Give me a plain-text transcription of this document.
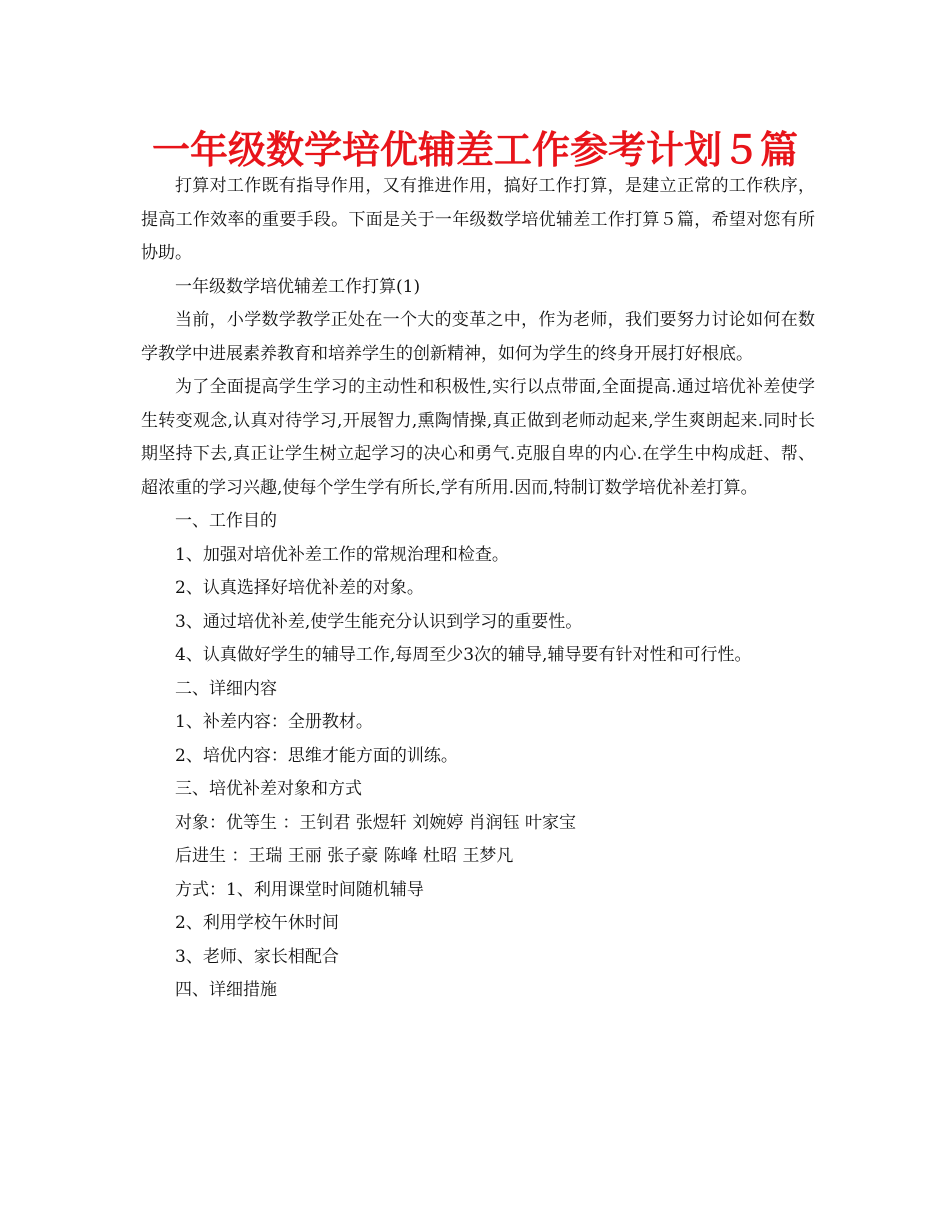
一年级数学培优辅差工作参考计划５篇

打算对工作既有指导作用，又有推进作用，搞好工作打算，是建立正常的工作秩序，提高工作效率的重要手段。下面是关于一年级数学培优辅差工作打算５篇，希望对您有所协助。

一年级数学培优辅差工作打算(1)

当前，小学数学教学正处在一个大的变革之中，作为老师，我们要努力讨论如何在数学教学中进展素养教育和培养学生的创新精神，如何为学生的终身开展打好根底。

为了全面提高学生学习的主动性和积极性,实行以点带面,全面提高.通过培优补差使学生转变观念,认真对待学习,开展智力,熏陶情操,真正做到老师动起来,学生爽朗起来.同时长期坚持下去,真正让学生树立起学习的决心和勇气.克服自卑的内心.在学生中构成赶、帮、超浓重的学习兴趣,使每个学生学有所长,学有所用.因而,特制订数学培优补差打算。

一、工作目的

1、加强对培优补差工作的常规治理和检查。

2、认真选择好培优补差的对象。

3、通过培优补差,使学生能充分认识到学习的重要性。

4、认真做好学生的辅导工作,每周至少3次的辅导,辅导要有针对性和可行性。

二、详细内容

1、补差内容：全册教材。

2、培优内容：思维才能方面的训练。

三、培优补差对象和方式

对象：优等生 ：王钊君 张煜轩 刘婉婷 肖润钰 叶家宝

后进生 ：王瑞 王丽 张子豪 陈峰 杜昭 王梦凡

方式：1、利用课堂时间随机辅导

2、利用学校午休时间

3、老师、家长相配合

四、详细措施
